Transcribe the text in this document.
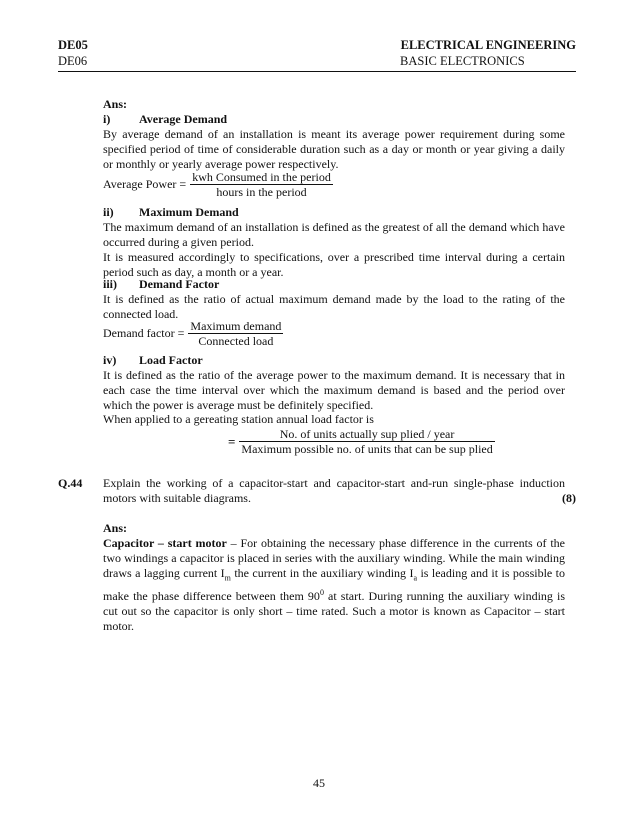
DE05
DE06
ELECTRICAL ENGINEERING
BASIC ELECTRONICS
Ans:
i) Average Demand
By average demand of an installation is meant its average power requirement during some specified period of time of considerable duration such as a day or month or year giving a daily or monthly or yearly average power respectively.
Average Power = $\frac{\text{kwh Consumed in the period}}{\text{hours in the period}}$
ii) Maximum Demand
The maximum demand of an installation is defined as the greatest of all the demand which have occurred during a given period.
It is measured accordingly to specifications, over a prescribed time interval during a certain period such as day, a month or a year.
iii) Demand Factor
It is defined as the ratio of actual maximum demand made by the load to the rating of the connected load.
Demand factor = $\frac{\text{Maximum demand}}{\text{Connected load}}$
iv) Load Factor
It is defined as the ratio of the average power to the maximum demand. It is necessary that in each case the time interval over which the maximum demand is based and the period over which the power is average must be definitely specified.
When applied to a gereating station annual load factor is
= $\frac{\text{No. of units actually sup plied / year}}{\text{Maximum possible no. of units that can be sup plied}}$
Q.44 Explain the working of a capacitor-start and capacitor-start and-run single-phase induction motors with suitable diagrams.	(8)
Ans:
Capacitor – start motor – For obtaining the necessary phase difference in the currents of the two windings a capacitor is placed in series with the auxiliary winding. While the main winding draws a lagging current $I_m$ the current in the auxiliary winding $I_a$ is leading and it is possible to make the phase difference between them $90^0$ at start. During running the auxiliary winding is cut out so the capacitor is only short – time rated. Such a motor is known as Capacitor – start motor.
45
